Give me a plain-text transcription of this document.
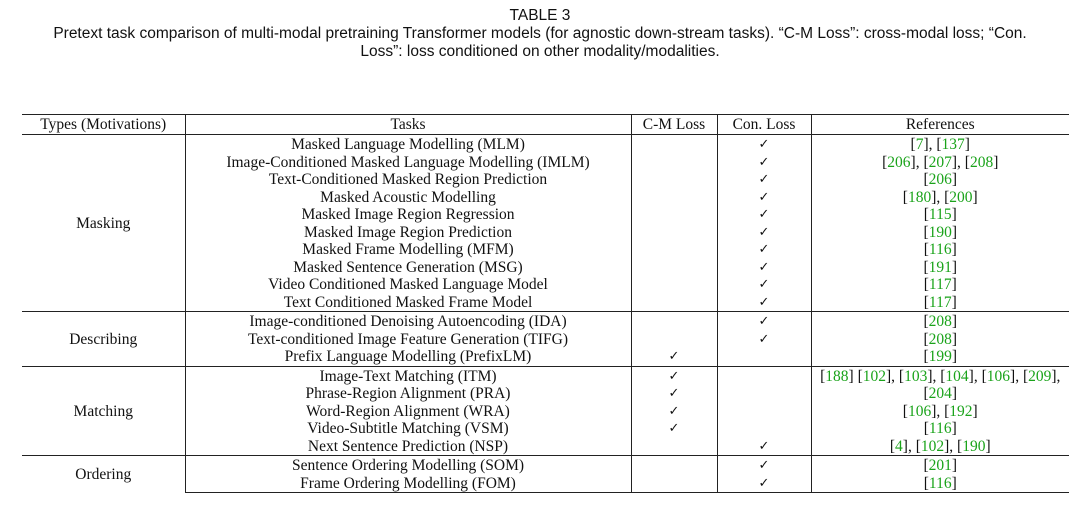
TABLE 3
Pretext task comparison of multi-modal pretraining Transformer models (for agnostic down-stream tasks). “C-M Loss”: cross-modal loss; “Con.
Loss”: loss conditioned on other modality/modalities.
Types (Motivations)	Tasks	C-M Loss	Con. Loss	References
Masking	Masked Language Modelling (MLM)		✓	[7], [137]
	Image-Conditioned Masked Language Modelling (IMLM)		✓	[206], [207], [208]
	Text-Conditioned Masked Region Prediction		✓	[206]
	Masked Acoustic Modelling		✓	[180], [200]
	Masked Image Region Regression		✓	[115]
	Masked Image Region Prediction		✓	[190]
	Masked Frame Modelling (MFM)		✓	[116]
	Masked Sentence Generation (MSG)		✓	[191]
	Video Conditioned Masked Language Model		✓	[117]
	Text Conditioned Masked Frame Model		✓	[117]
Describing	Image-conditioned Denoising Autoencoding (IDA)		✓	[208]
	Text-conditioned Image Feature Generation (TIFG)		✓	[208]
	Prefix Language Modelling (PrefixLM)	✓		[199]
Matching	Image-Text Matching (ITM)	✓		[188] [102], [103], [104], [106], [209],
	Phrase-Region Alignment (PRA)	✓		[204]
	Word-Region Alignment (WRA)	✓		[106], [192]
	Video-Subtitle Matching (VSM)	✓		[116]
	Next Sentence Prediction (NSP)		✓	[4], [102], [190]
Ordering	Sentence Ordering Modelling (SOM)		✓	[201]
	Frame Ordering Modelling (FOM)		✓	[116]
